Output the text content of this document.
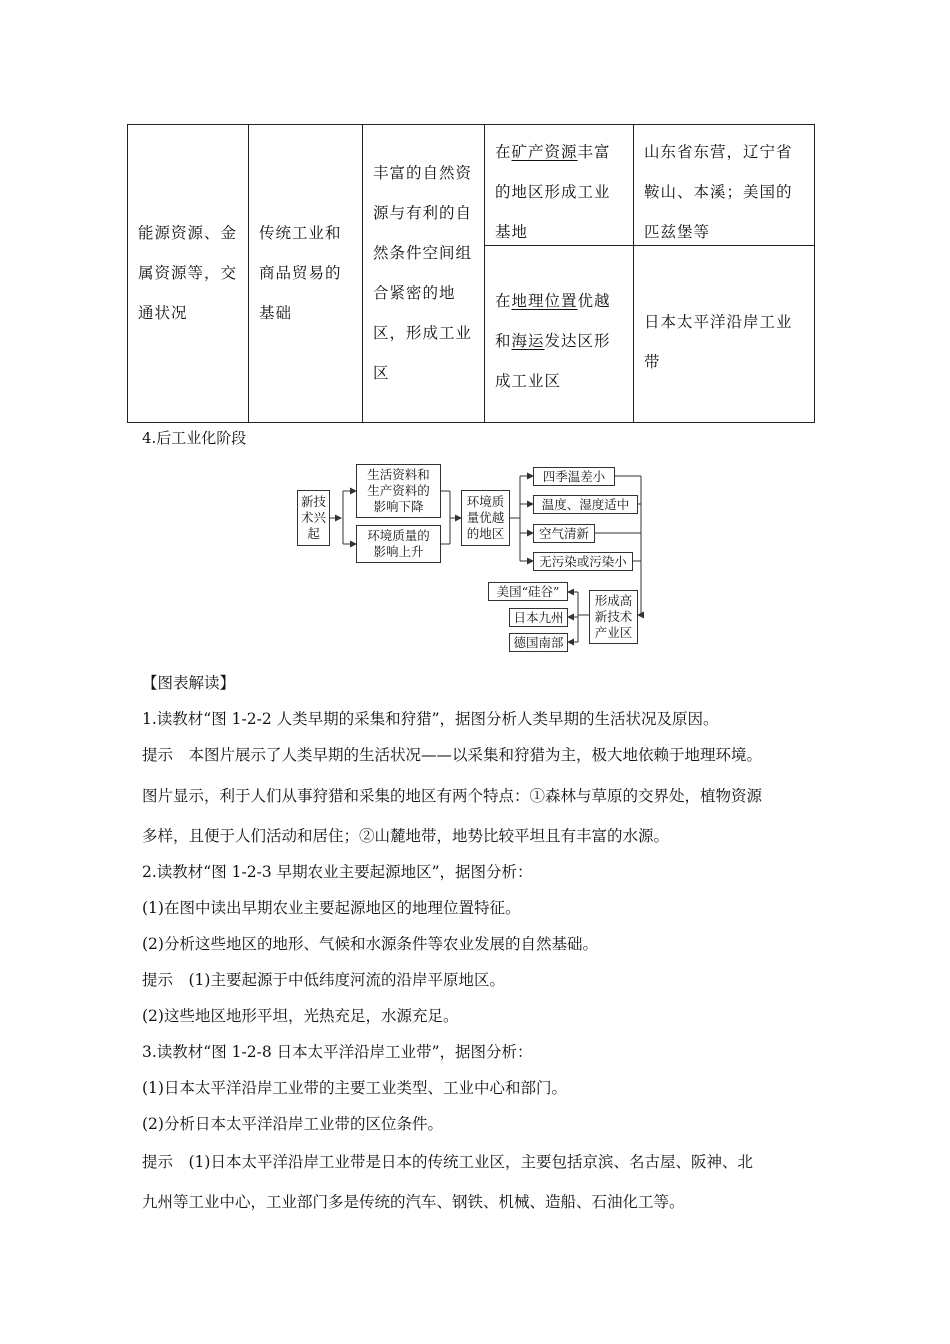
能源资源、金属资源等，交通状况
传统工业和商品贸易的基础
丰富的自然资源与有利的自然条件空间组合紧密的地区，形成工业区
在矿产资源丰富的地区形成工业基地
山东省东营，辽宁省鞍山、本溪；美国的匹兹堡等
在地理位置优越和海运发达区形成工业区
日本太平洋沿岸工业带
4.后工业化阶段
新技
术兴
起
生活资料和
生产资料的
影响下降
环境质量的
影响上升
环境质
量优越
的地区
四季温差小
温度、湿度适中
空气清新
无污染或污染小
形成高
新技术
产业区
美国“硅谷”
日本九州
德国南部
【图表解读】
1.读教材“图 1-2-2 人类早期的采集和狩猎”，据图分析人类早期的生活状况及原因。
提示　本图片展示了人类早期的生活状况——以采集和狩猎为主，极大地依赖于地理环境。
图片显示，利于人们从事狩猎和采集的地区有两个特点：①森林与草原的交界处，植物资源
多样，且便于人们活动和居住；②山麓地带，地势比较平坦且有丰富的水源。
2.读教材“图 1-2-3 早期农业主要起源地区”，据图分析：
(1)在图中读出早期农业主要起源地区的地理位置特征。
(2)分析这些地区的地形、气候和水源条件等农业发展的自然基础。
提示　(1)主要起源于中低纬度河流的沿岸平原地区。
(2)这些地区地形平坦，光热充足，水源充足。
3.读教材“图 1-2-8 日本太平洋沿岸工业带”，据图分析：
(1)日本太平洋沿岸工业带的主要工业类型、工业中心和部门。
(2)分析日本太平洋沿岸工业带的区位条件。
提示　(1)日本太平洋沿岸工业带是日本的传统工业区，主要包括京滨、名古屋、阪神、北
九州等工业中心，工业部门多是传统的汽车、钢铁、机械、造船、石油化工等。
